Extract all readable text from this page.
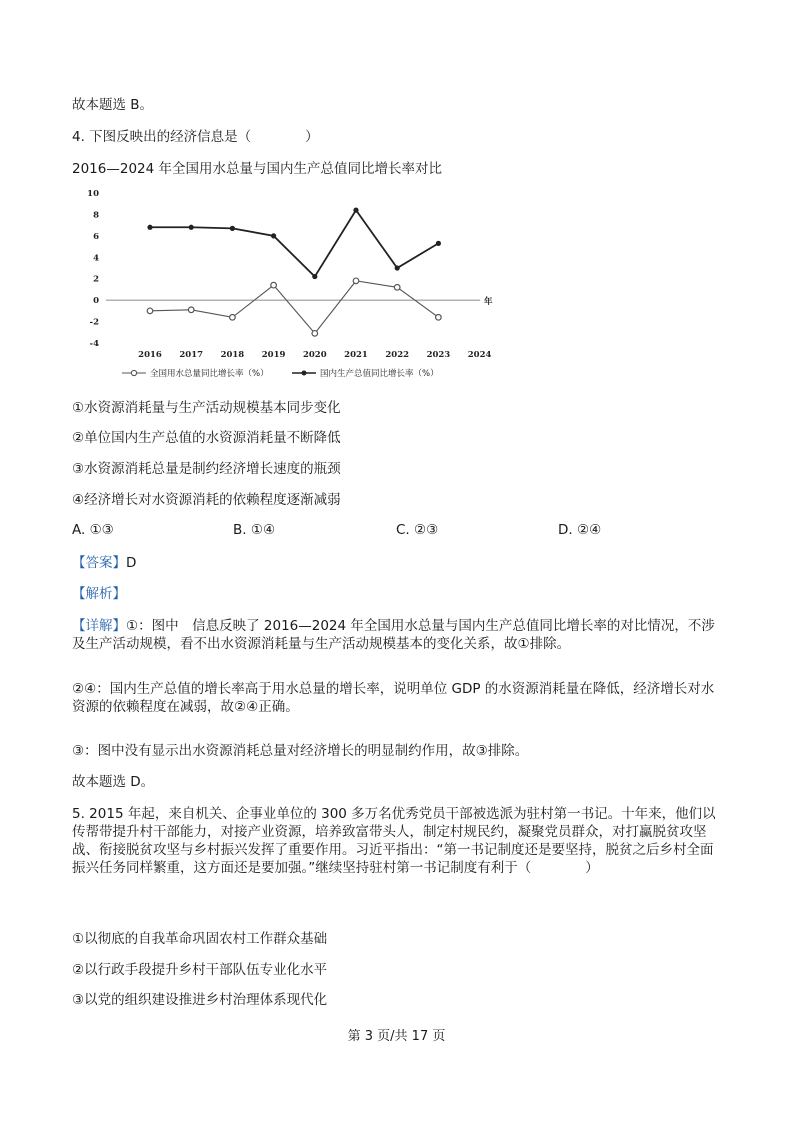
故本题选 B。
4. 下图反映出的经济信息是（　　　　）
2016—2024 年全国用水总量与国内生产总值同比增长率对比
10
8
6
4
2
0
-2
-4
年
2016 2017 2018 2019 2020 2021 2022 2023 2024
全国用水总量同比增长率（%）	国内生产总值同比增长率（%）
①水资源消耗量与生产活动规模基本同步变化
②单位国内生产总值的水资源消耗量不断降低
③水资源消耗总量是制约经济增长速度的瓶颈
④经济增长对水资源消耗的依赖程度逐渐减弱
A. ①③	B. ①④	C. ②③	D. ②④
【答案】D
【解析】
【详解】①：图中　信息反映了 2016—2024 年全国用水总量与国内生产总值同比增长率的对比情况，不涉及生产活动规模，看不出水资源消耗量与生产活动规模基本的变化关系，故①排除。
②④：国内生产总值的增长率高于用水总量的增长率，说明单位 GDP 的水资源消耗量在降低，经济增长对水资源的依赖程度在减弱，故②④正确。
③：图中没有显示出水资源消耗总量对经济增长的明显制约作用，故③排除。
故本题选 D。
5. 2015 年起，来自机关、企事业单位的 300 多万名优秀党员干部被选派为驻村第一书记。十年来，他们以传帮带提升村干部能力，对接产业资源，培养致富带头人，制定村规民约，凝聚党员群众，对打赢脱贫攻坚战、衔接脱贫攻坚与乡村振兴发挥了重要作用。习近平指出：“第一书记制度还是要坚持，脱贫之后乡村全面振兴任务同样繁重，这方面还是要加强。”继续坚持驻村第一书记制度有利于（　　　　）
①以彻底的自我革命巩固农村工作群众基础
②以行政手段提升乡村干部队伍专业化水平
③以党的组织建设推进乡村治理体系现代化
第 3 页/共 17 页
